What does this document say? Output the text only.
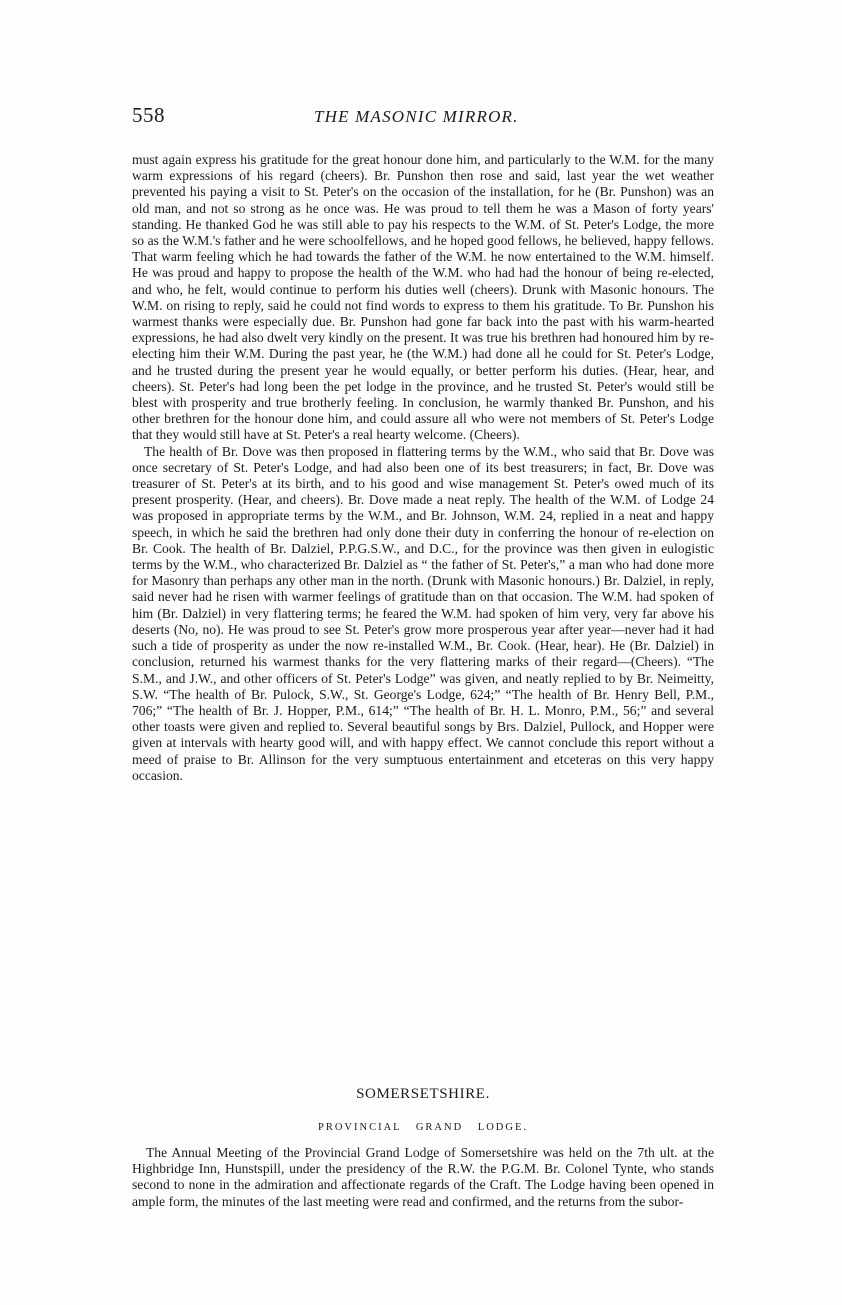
558	THE MASONIC MIRROR.

must again express his gratitude for the great honour done him, and particularly to the W.M. for the many warm expressions of his regard (cheers). Br. Punshon then rose and said, last year the wet weather prevented his paying a visit to St. Peter's on the occasion of the installation, for he (Br. Punshon) was an old man, and not so strong as he once was. He was proud to tell them he was a Mason of forty years' standing. He thanked God he was still able to pay his respects to the W.M. of St. Peter's Lodge, the more so as the W.M.'s father and he were schoolfellows, and he hoped good fellows, he believed, happy fellows. That warm feeling which he had towards the father of the W.M. he now entertained to the W.M. himself. He was proud and happy to propose the health of the W.M. who had had the honour of being re-elected, and who, he felt, would continue to perform his duties well (cheers). Drunk with Masonic honours. The W.M. on rising to reply, said he could not find words to express to them his gratitude. To Br. Punshon his warmest thanks were especially due. Br. Punshon had gone far back into the past with his warm-hearted expressions, he had also dwelt very kindly on the present. It was true his brethren had honoured him by re-electing him their W.M. During the past year, he (the W.M.) had done all he could for St. Peter's Lodge, and he trusted during the present year he would equally, or better perform his duties. (Hear, hear, and cheers). St. Peter's had long been the pet lodge in the province, and he trusted St. Peter's would still be blest with prosperity and true brotherly feeling. In conclusion, he warmly thanked Br. Punshon, and his other brethren for the honour done him, and could assure all who were not members of St. Peter's Lodge that they would still have at St. Peter's a real hearty welcome. (Cheers).

The health of Br. Dove was then proposed in flattering terms by the W.M., who said that Br. Dove was once secretary of St. Peter's Lodge, and had also been one of its best treasurers; in fact, Br. Dove was treasurer of St. Peter's at its birth, and to his good and wise management St. Peter's owed much of its present prosperity. (Hear, and cheers). Br. Dove made a neat reply. The health of the W.M. of Lodge 24 was proposed in appropriate terms by the W.M., and Br. Johnson, W.M. 24, replied in a neat and happy speech, in which he said the brethren had only done their duty in conferring the honour of re-election on Br. Cook. The health of Br. Dalziel, P.P.G.S.W., and D.C., for the province was then given in eulogistic terms by the W.M., who characterized Br. Dalziel as “ the father of St. Peter's,” a man who had done more for Masonry than perhaps any other man in the north. (Drunk with Masonic honours.) Br. Dalziel, in reply, said never had he risen with warmer feelings of gratitude than on that occasion. The W.M. had spoken of him (Br. Dalziel) in very flattering terms; he feared the W.M. had spoken of him very, very far above his deserts (No, no). He was proud to see St. Peter's grow more prosperous year after year—never had it had such a tide of prosperity as under the now re-installed W.M., Br. Cook. (Hear, hear). He (Br. Dalziel) in conclusion, returned his warmest thanks for the very flattering marks of their regard—(Cheers). “The S.M., and J.W., and other officers of St. Peter's Lodge” was given, and neatly replied to by Br. Neimeitty, S.W. “The health of Br. Pulock, S.W., St. George's Lodge, 624;” “The health of Br. Henry Bell, P.M., 706;” “The health of Br. J. Hopper, P.M., 614;” “The health of Br. H. L. Monro, P.M., 56;” and several other toasts were given and replied to. Several beautiful songs by Brs. Dalziel, Pullock, and Hopper were given at intervals with hearty good will, and with happy effect. We cannot conclude this report without a meed of praise to Br. Allinson for the very sumptuous entertainment and etceteras on this very happy occasion.

SOMERSETSHIRE.
PROVINCIAL GRAND LODGE.

The Annual Meeting of the Provincial Grand Lodge of Somersetshire was held on the 7th ult. at the Highbridge Inn, Hunstspill, under the presidency of the R.W. the P.G.M. Br. Colonel Tynte, who stands second to none in the admiration and affectionate regards of the Craft. The Lodge having been opened in ample form, the minutes of the last meeting were read and confirmed, and the returns from the subor-
